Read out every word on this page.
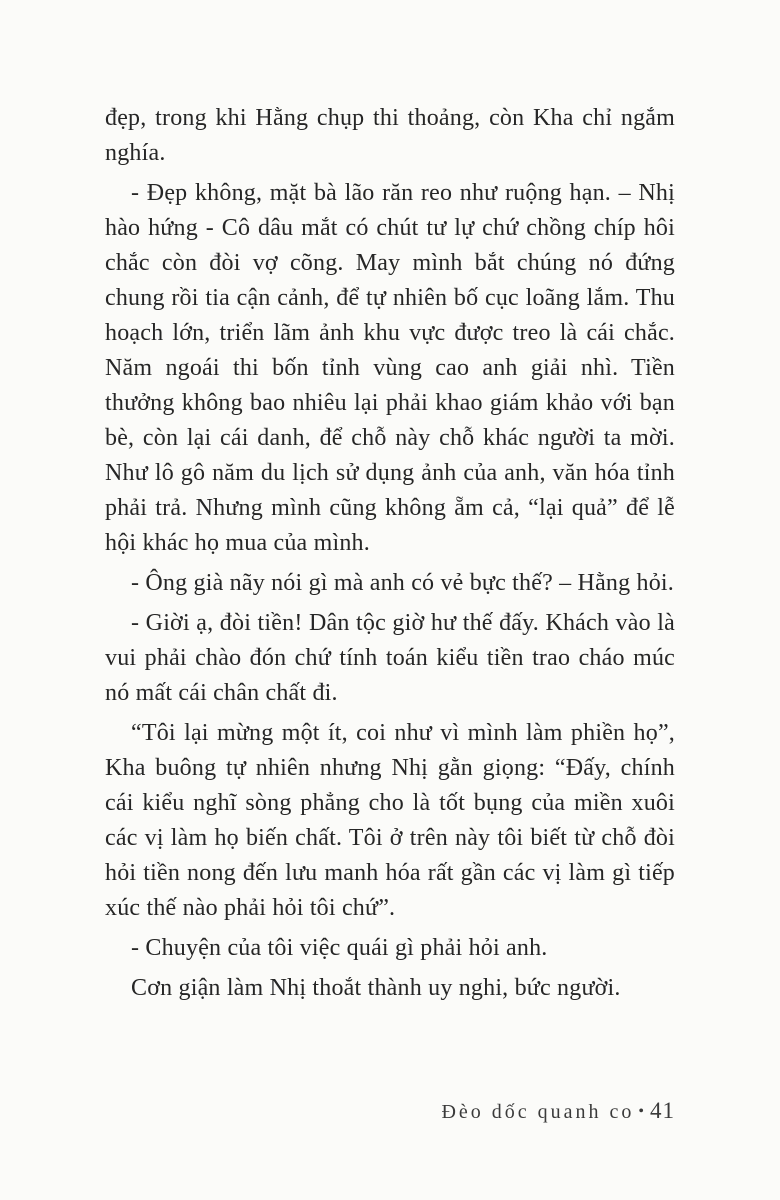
đẹp, trong khi Hằng chụp thi thoảng, còn Kha chỉ ngắm nghía.

- Đẹp không, mặt bà lão răn reo như ruộng hạn. – Nhị hào hứng - Cô dâu mắt có chút tư lự chứ chồng chíp hôi chắc còn đòi vợ cõng. May mình bắt chúng nó đứng chung rồi tia cận cảnh, để tự nhiên bố cục loãng lắm. Thu hoạch lớn, triển lãm ảnh khu vực được treo là cái chắc. Năm ngoái thi bốn tỉnh vùng cao anh giải nhì. Tiền thưởng không bao nhiêu lại phải khao giám khảo với bạn bè, còn lại cái danh, để chỗ này chỗ khác người ta mời. Như lô gô năm du lịch sử dụng ảnh của anh, văn hóa tỉnh phải trả. Nhưng mình cũng không ẵm cả, “lại quả” để lễ hội khác họ mua của mình.

- Ông già nãy nói gì mà anh có vẻ bực thế? – Hằng hỏi.

- Giời ạ, đòi tiền! Dân tộc giờ hư thế đấy. Khách vào là vui phải chào đón chứ tính toán kiểu tiền trao cháo múc nó mất cái chân chất đi.

“Tôi lại mừng một ít, coi như vì mình làm phiền họ”, Kha buông tự nhiên nhưng Nhị gằn giọng: “Đấy, chính cái kiểu nghĩ sòng phẳng cho là tốt bụng của miền xuôi các vị làm họ biến chất. Tôi ở trên này tôi biết từ chỗ đòi hỏi tiền nong đến lưu manh hóa rất gần các vị làm gì tiếp xúc thế nào phải hỏi tôi chứ”.

- Chuyện của tôi việc quái gì phải hỏi anh.

Cơn giận làm Nhị thoắt thành uy nghi, bức người.

Đèo dốc quanh co • 41
